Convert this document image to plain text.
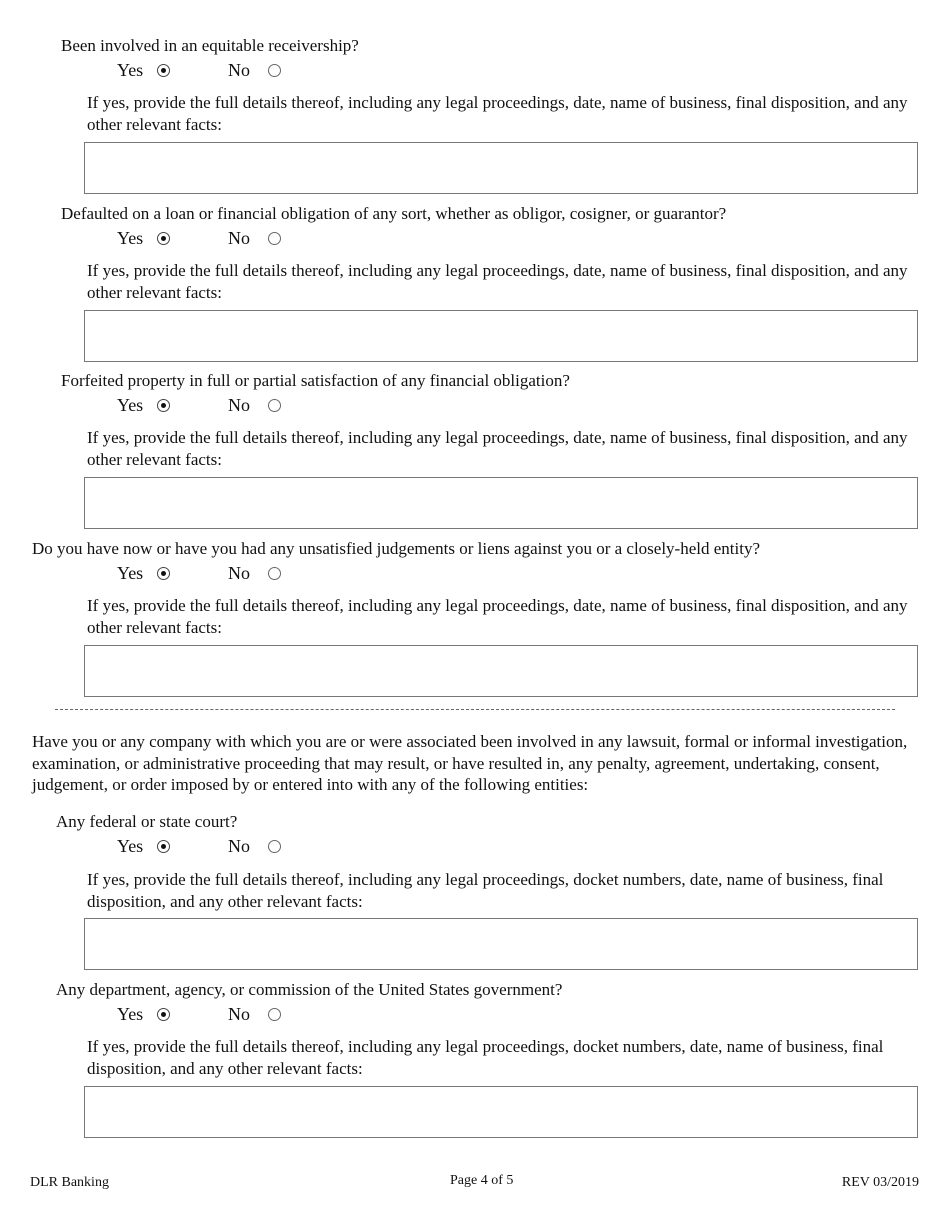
Been involved in an equitable receivership?
Yes	No
If yes, provide the full details thereof, including any legal proceedings, date, name of business, final disposition, and any other relevant facts:
Defaulted on a loan or financial obligation of any sort, whether as obligor, cosigner, or guarantor?
Yes	No
If yes, provide the full details thereof, including any legal proceedings, date, name of business, final disposition, and any other relevant facts:
Forfeited property in full or partial satisfaction of any financial obligation?
Yes	No
If yes, provide the full details thereof, including any legal proceedings, date, name of business, final disposition, and any other relevant facts:
Do you have now or have you had any unsatisfied judgements or liens against you or a closely-held entity?
Yes	No
If yes, provide the full details thereof, including any legal proceedings, date, name of business, final disposition, and any other relevant facts:
Have you or any company with which you are or were associated been involved in any lawsuit, formal or informal investigation, examination, or administrative proceeding that may result, or have resulted in, any penalty, agreement, undertaking, consent, judgement, or order imposed by or entered into with any of the following entities:
Any federal or state court?
Yes	No
If yes, provide the full details thereof, including any legal proceedings, docket numbers, date, name of business, final disposition, and any other relevant facts:
Any department, agency, or commission of the United States government?
Yes	No
If yes, provide the full details thereof, including any legal proceedings, docket numbers, date, name of business, final disposition, and any other relevant facts:
DLR Banking	Page 4 of 5	REV 03/2019
